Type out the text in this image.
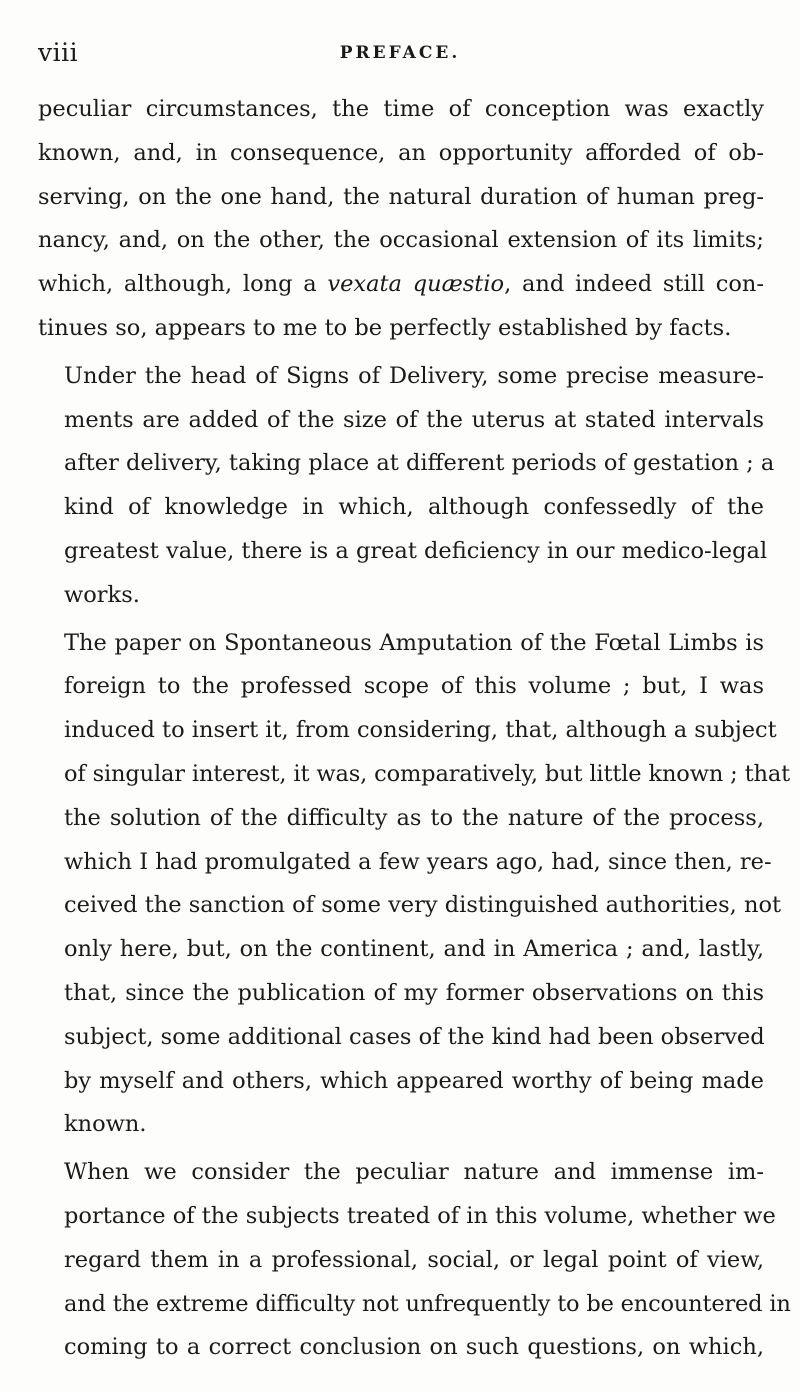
viii	PREFACE.

peculiar circumstances, the time of conception was exactly
known, and, in consequence, an opportunity afforded of ob-
serving, on the one hand, the natural duration of human preg-
nancy, and, on the other, the occasional extension of its limits;
which, although, long a vexata quæstio, and indeed still con-
tinues so, appears to me to be perfectly established by facts.

Under the head of Signs of Delivery, some precise measure-
ments are added of the size of the uterus at stated intervals
after delivery, taking place at different periods of gestation ; a
kind of knowledge in which, although confessedly of the
greatest value, there is a great deficiency in our medico-legal
works.

The paper on Spontaneous Amputation of the Fœtal Limbs is
foreign to the professed scope of this volume ; but, I was
induced to insert it, from considering, that, although a subject
of singular interest, it was, comparatively, but little known ; that
the solution of the difficulty as to the nature of the process,
which I had promulgated a few years ago, had, since then, re-
ceived the sanction of some very distinguished authorities, not
only here, but, on the continent, and in America ; and, lastly,
that, since the publication of my former observations on this
subject, some additional cases of the kind had been observed
by myself and others, which appeared worthy of being made
known.

When we consider the peculiar nature and immense im-
portance of the subjects treated of in this volume, whether we
regard them in a professional, social, or legal point of view,
and the extreme difficulty not unfrequently to be encountered in
coming to a correct conclusion on such questions, on which,
